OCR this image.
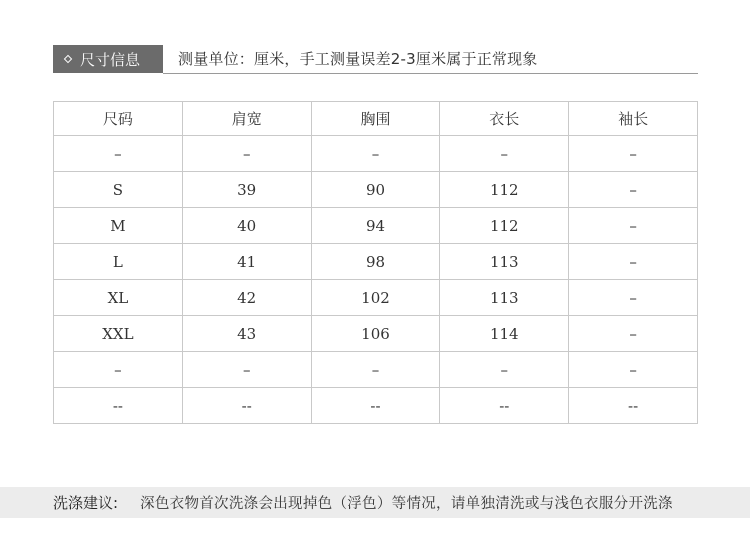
尺寸信息	测量单位：厘米，手工测量误差2-3厘米属于正常现象
尺码	肩宽	胸围	衣长	袖长
–	–	–	–	–
S	39	90	112	–
M	40	94	112	–
L	41	98	113	–
XL	42	102	113	–
XXL	43	106	114	–
–	–	–	–	–
--	--	--	--	--
洗涤建议: 深色衣物首次洗涤会出现掉色（浮色）等情况，请单独清洗或与浅色衣服分开洗涤
